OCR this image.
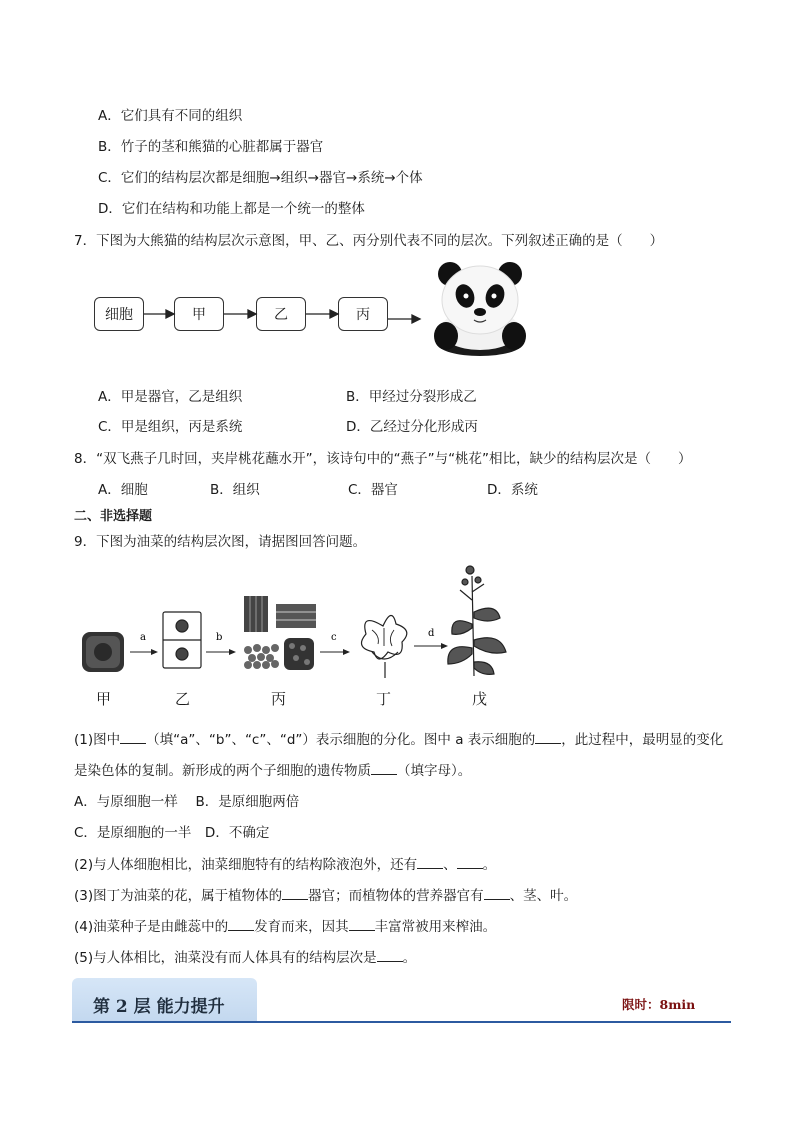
A．它们具有不同的组织
B．竹子的茎和熊猫的心脏都属于器官
C．它们的结构层次都是细胞→组织→器官→系统→个体
D．它们在结构和功能上都是一个统一的整体
7．下图为大熊猫的结构层次示意图，甲、乙、丙分别代表不同的层次。下列叙述正确的是（　　）
细胞	甲	乙	丙
A．甲是器官，乙是组织	B．甲经过分裂形成乙
C．甲是组织，丙是系统	D．乙经过分化形成丙
8．“双飞燕子几时回，夹岸桃花蘸水开”，该诗句中的“燕子”与“桃花”相比，缺少的结构层次是（　　）
A．细胞	B．组织	C．器官	D．系统
二、非选择题
9．下图为油菜的结构层次图，请据图回答问题。
a	b	c	d
甲	乙	丙	丁	戊
(1)图中 （填“a”、“b”、“c”、“d”）表示细胞的分化。图中 a 表示细胞的 ，此过程中，最明显的变化
是染色体的复制。新形成的两个子细胞的遗传物质 （填字母）。
A．与原细胞一样　 B．是原细胞两倍
C．是原细胞的一半　D．不确定
(2)与人体细胞相比，油菜细胞特有的结构除液泡外，还有 、 。
(3)图丁为油菜的花，属于植物体的 器官；而植物体的营养器官有 、茎、叶。
(4)油菜种子是由雌蕊中的 发育而来，因其 丰富常被用来榨油。
(5)与人体相比，油菜没有而人体具有的结构层次是 。
第 2 层 能力提升	限时：8min
